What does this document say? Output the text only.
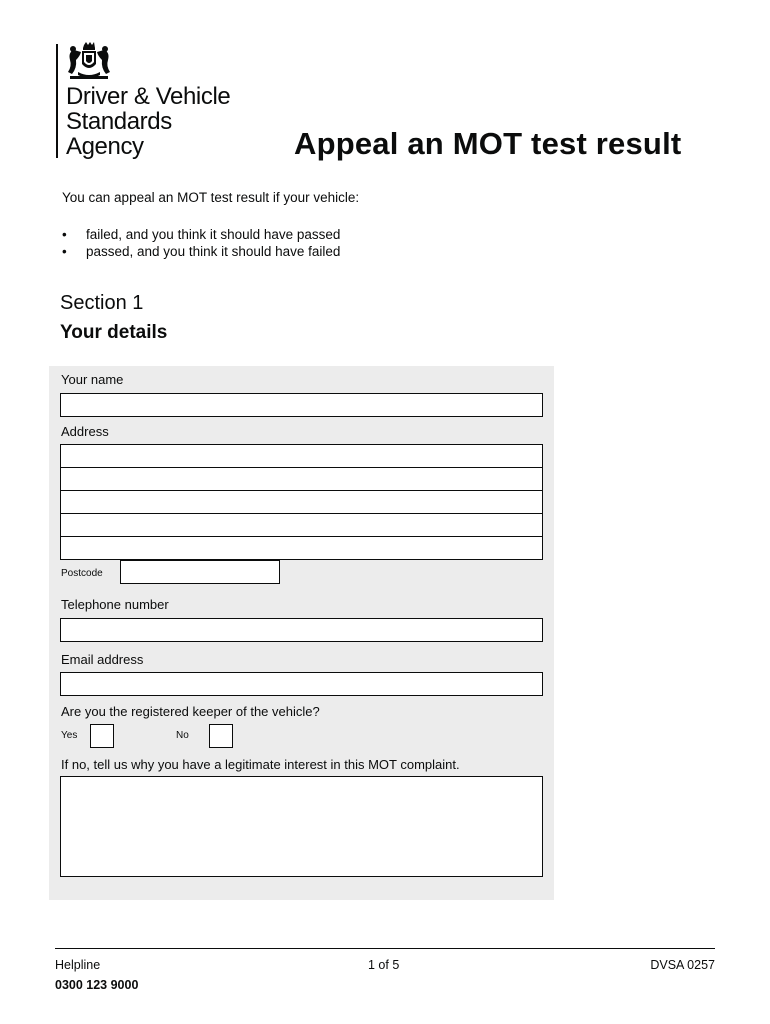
Driver & Vehicle
Standards
Agency	Appeal an MOT test result
You can appeal an MOT test result if your vehicle:
• failed, and you think it should have passed
• passed, and you think it should have failed
Section 1
Your details
Your name
Address
Postcode
Telephone number
Email address
Are you the registered keeper of the vehicle?
Yes	No
If no, tell us why you have a legitimate interest in this MOT complaint.
Helpline
0300 123 9000
1 of 5	DVSA 0257
